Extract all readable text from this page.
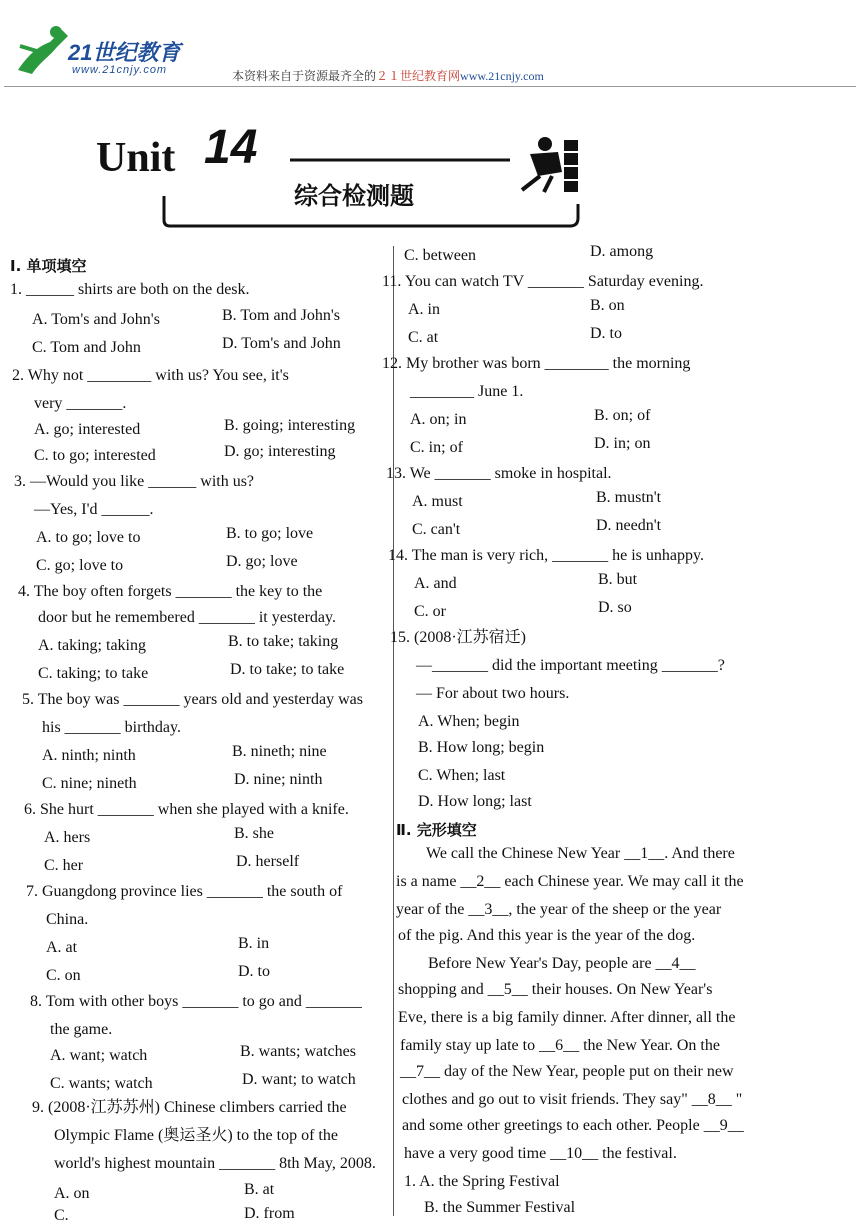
21世纪教育
www.21cnjy.com	本资料来自于资源最齐全的２１世纪教育网www.21cnjy.com
Unit 14
综合检测题
Ⅰ. 单项填空
1. ______ shirts are both on the desk.
A. Tom's and John's	B. Tom and John's
C. Tom and John	D. Tom's and John
2. Why not ________ with us? You see, it's
very _______.
A. go; interested	B. going; interesting
C. to go; interested	D. go; interesting
3. —Would you like ______ with us?
—Yes, I'd ______.
A. to go; love to	B. to go; love
C. go; love to	D. go; love
4. The boy often forgets _______ the key to the
door but he remembered _______ it yesterday.
A. taking; taking	B. to take; taking
C. taking; to take	D. to take; to take
5. The boy was _______ years old and yesterday was
his _______ birthday.
A. ninth; ninth	B. nineth; nine
C. nine; nineth	D. nine; ninth
6. She hurt _______ when she played with a knife.
A. hers	B. she
C. her	D. herself
7. Guangdong province lies _______ the south of
China.
A. at	B. in
C. on	D. to
8. Tom with other boys _______ to go and _______
the game.
A. want; watch	B. wants; watches
C. wants; watch	D. want; to watch
9. (2008·江苏苏州) Chinese climbers carried the
Olympic Flame (奥运圣火) to the top of the
world's highest mountain _______ 8th May, 2008.
A. on	B. at
C.	D. from
C. between	D. among
11. You can watch TV _______ Saturday evening.
A. in	B. on
C. at	D. to
12. My brother was born ________ the morning
________ June 1.
A. on; in	B. on; of
C. in; of	D. in; on
13. We _______ smoke in hospital.
A. must	B. mustn't
C. can't	D. needn't
14. The man is very rich, _______ he is unhappy.
A. and	B. but
C. or	D. so
15. (2008·江苏宿迁)
—_______ did the important meeting _______?
— For about two hours.
A. When; begin
B. How long; begin
C. When; last
D. How long; last
Ⅱ. 完形填空
We call the Chinese New Year __1__. And there
is a name __2__ each Chinese year. We may call it the
year of the __3__, the year of the sheep or the year
of the pig. And this year is the year of the dog.
Before New Year's Day, people are __4__
shopping and __5__ their houses. On New Year's
Eve, there is a big family dinner. After dinner, all the
family stay up late to __6__ the New Year. On the
__7__ day of the New Year, people put on their new
clothes and go out to visit friends. They say" __8__ "
and some other greetings to each other. People __9__
have a very good time __10__ the festival.
1. A. the Spring Festival
B. the Summer Festival
